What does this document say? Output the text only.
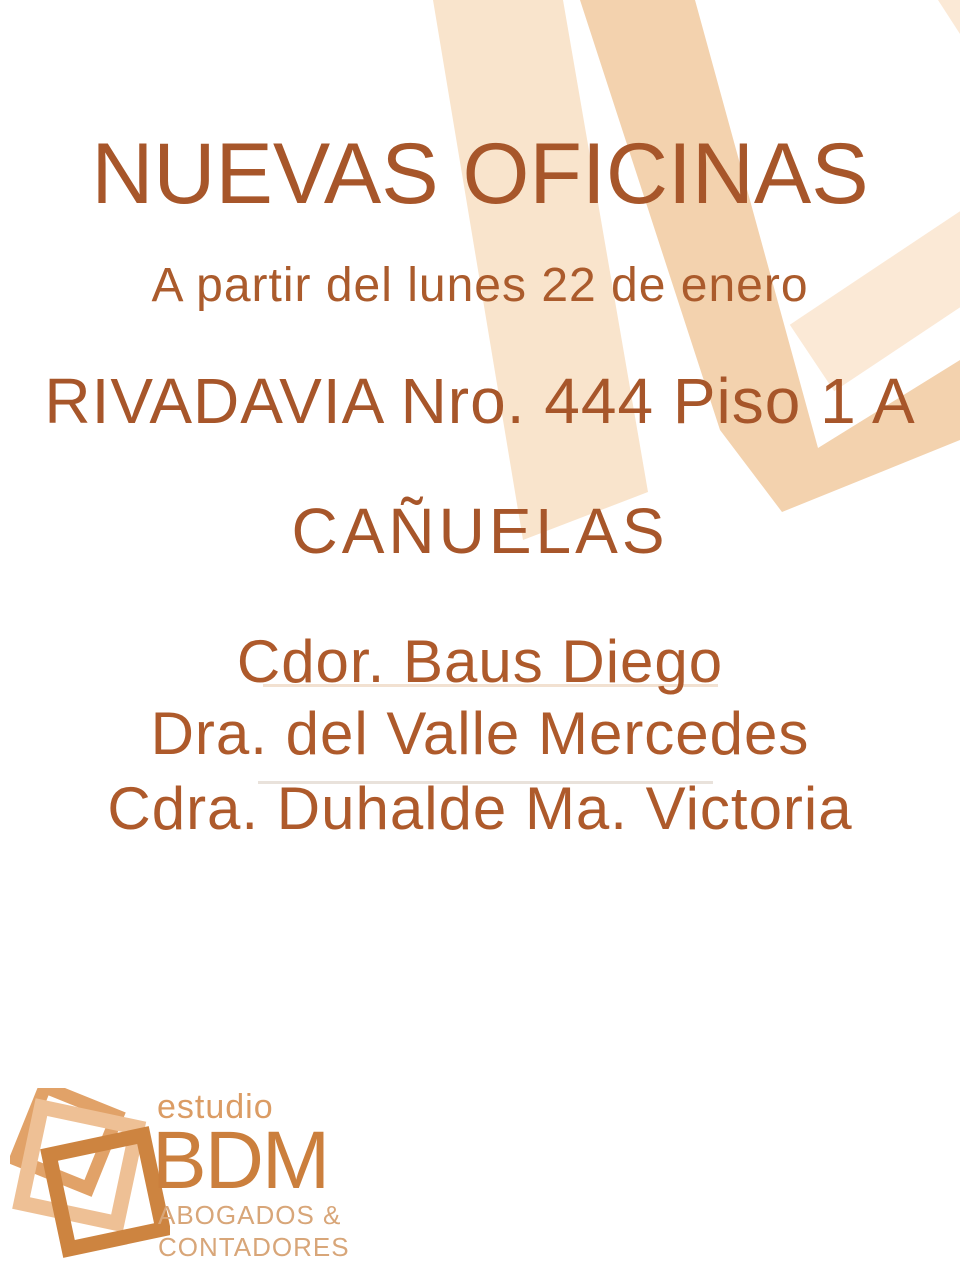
NUEVAS OFICINAS
A partir del lunes 22 de enero
RIVADAVIA Nro. 444 Piso 1 A
CAÑUELAS
Cdor. Baus Diego
Dra. del Valle Mercedes
Cdra. Duhalde Ma. Victoria
estudio
BDM
ABOGADOS &
CONTADORES
